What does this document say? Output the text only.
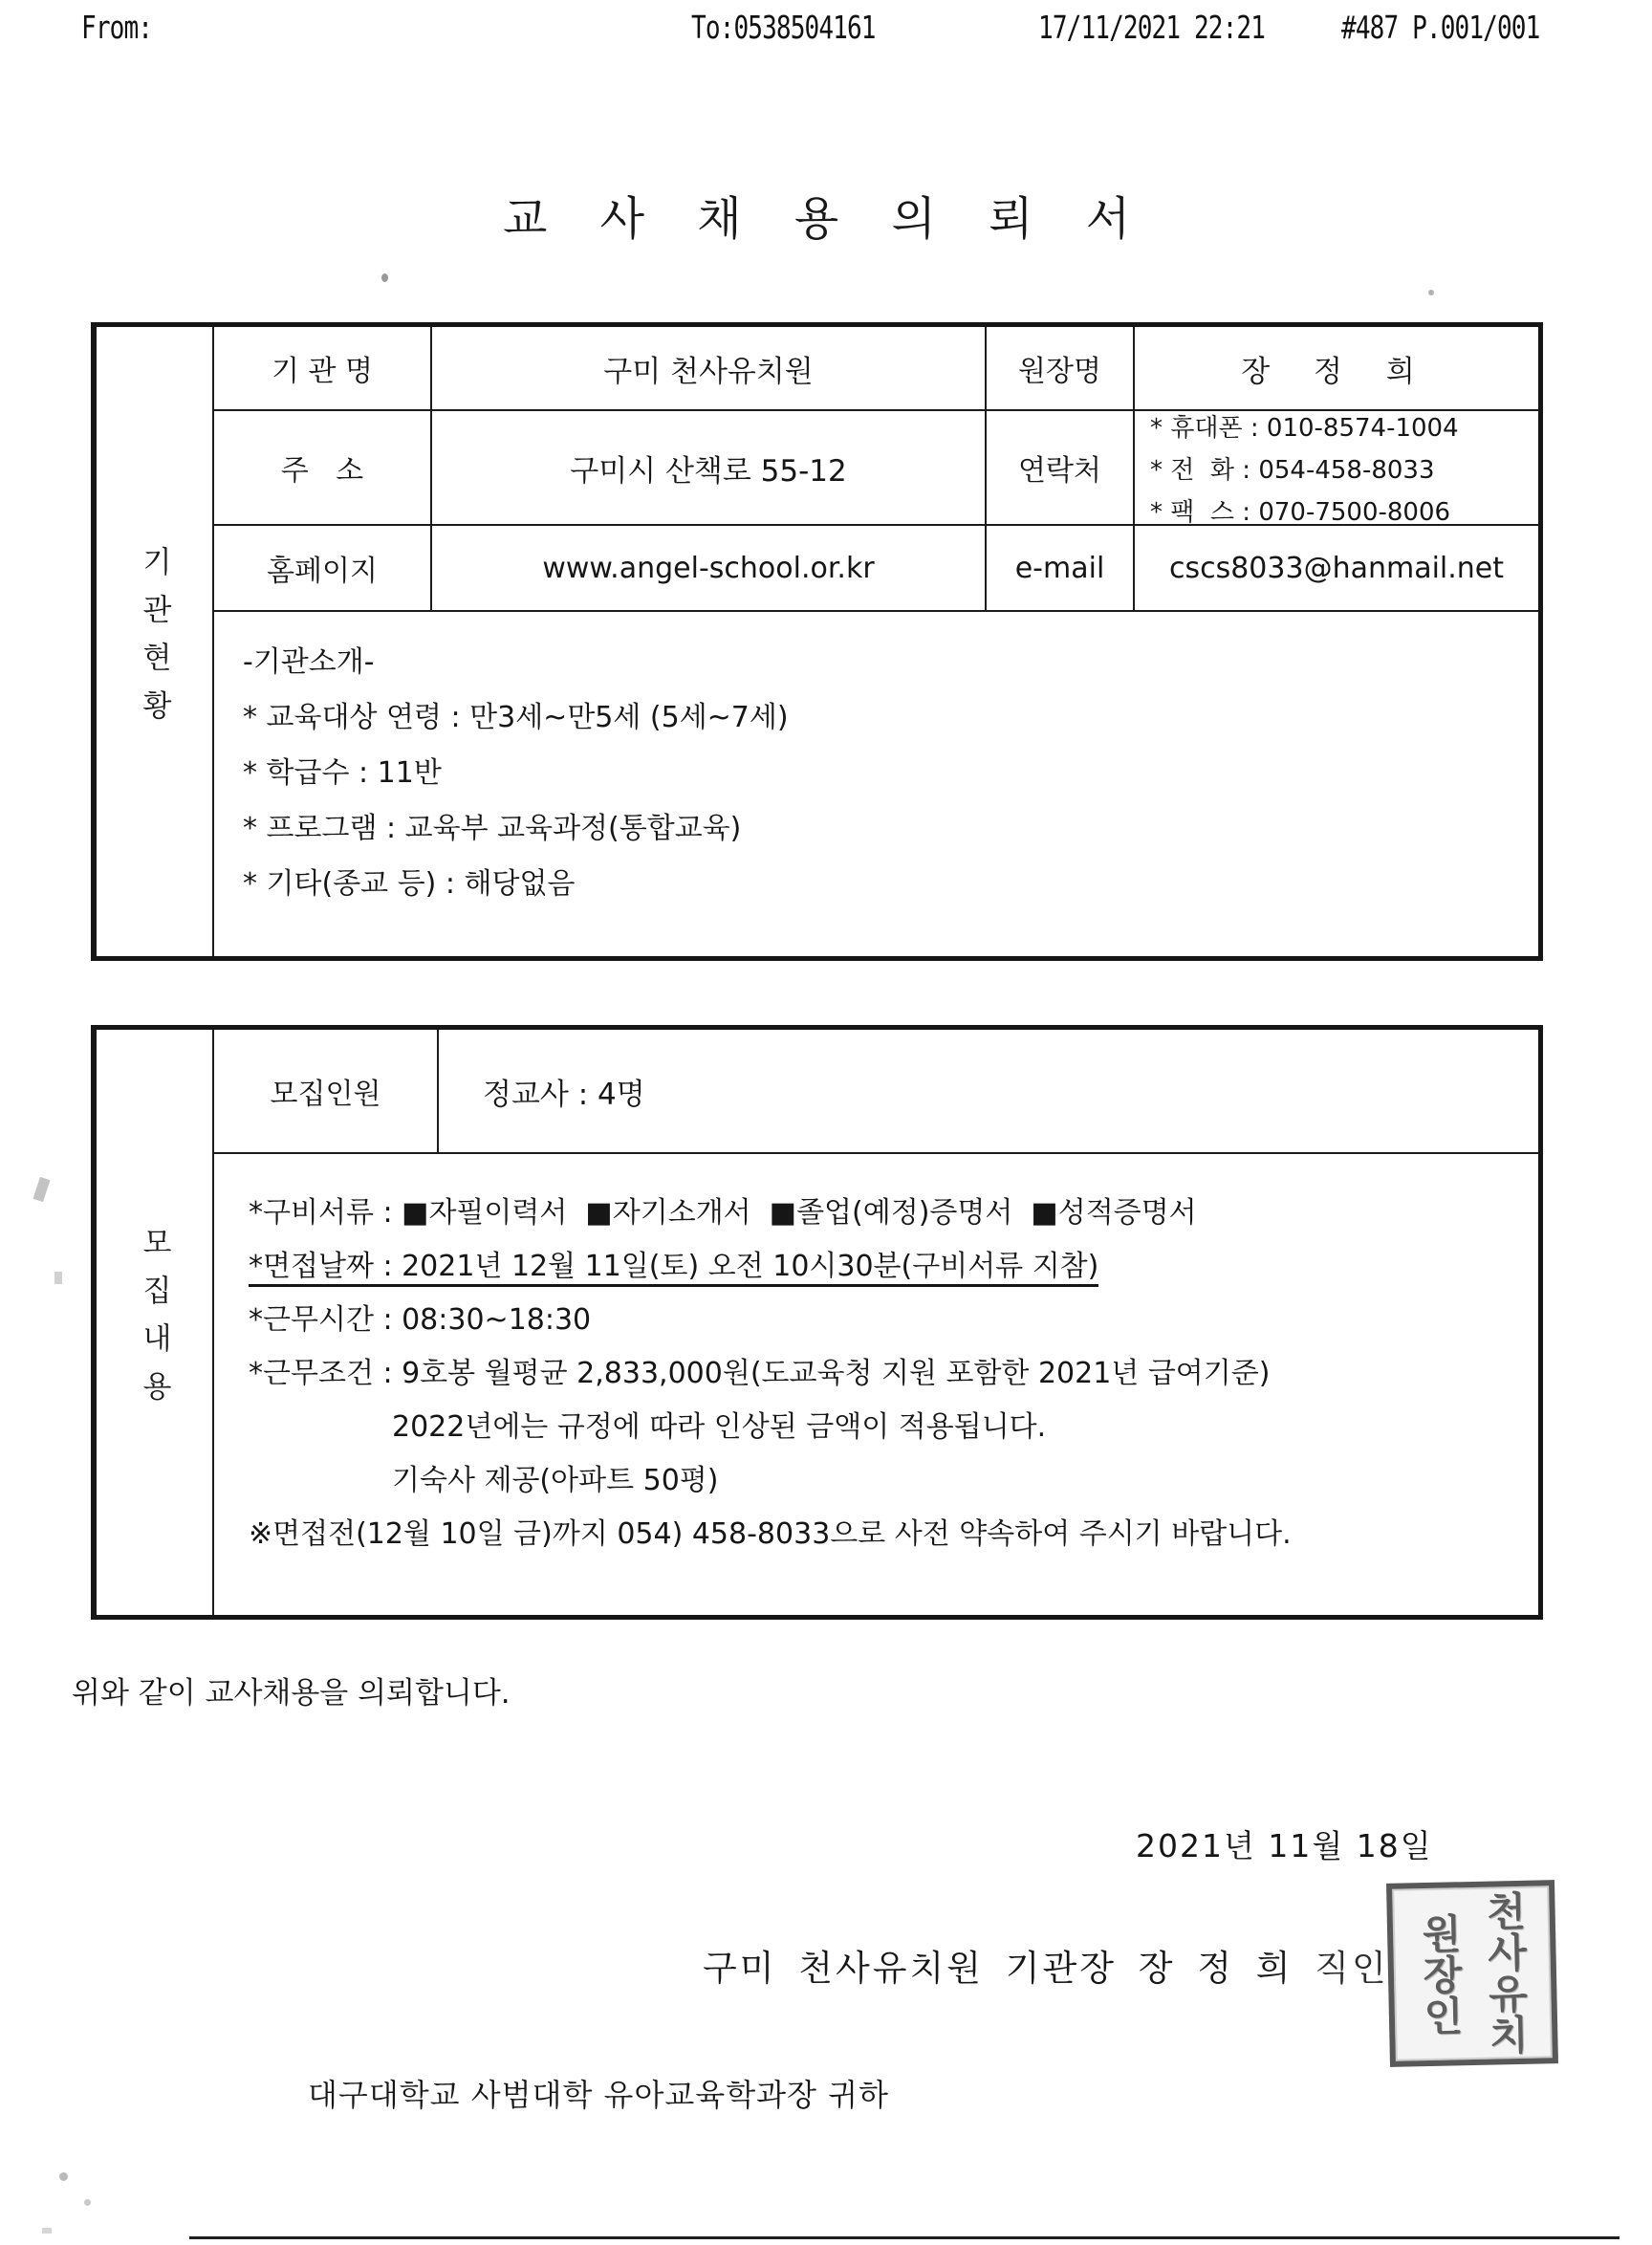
From:	To:0538504161	17/11/2021 22:21	#487 P.001/001
교 사 채 용 의 뢰 서
기관현황
기 관 명	구미 천사유치원	원장명	장 정 희
주   소	구미시 산책로 55-12	연락처
* 휴대폰 : 010-8574-1004
* 전  화 : 054-458-8033
* 팩  스 : 070-7500-8006
홈페이지	www.angel-school.or.kr	e-mail	cscs8033@hanmail.net
-기관소개-
* 교육대상 연령 : 만3세~만5세 (5세~7세)
* 학급수 : 11반
* 프로그램 : 교육부 교육과정(통합교육)
* 기타(종교 등) : 해당없음
모집내용
모집인원	정교사 : 4명
*구비서류 : ■자필이력서  ■자기소개서  ■졸업(예정)증명서  ■성적증명서
*면접날짜 : 2021년 12월 11일(토) 오전 10시30분(구비서류 지참)
*근무시간 : 08:30~18:30
*근무조건 : 9호봉 월평균 2,833,000원(도교육청 지원 포함한 2021년 급여기준)
2022년에는 규정에 따라 인상된 금액이 적용됩니다.
기숙사 제공(아파트 50평)
※면접전(12월 10일 금)까지 054) 458-8033으로 사전 약속하여 주시기 바랍니다.

위와 같이 교사채용을 의뢰합니다.

2021년 11월 18일

구미 천사유치원 기관장 장 정 희 직인 천사유치
원장인

대구대학교 사범대학 유아교육학과장 귀하
